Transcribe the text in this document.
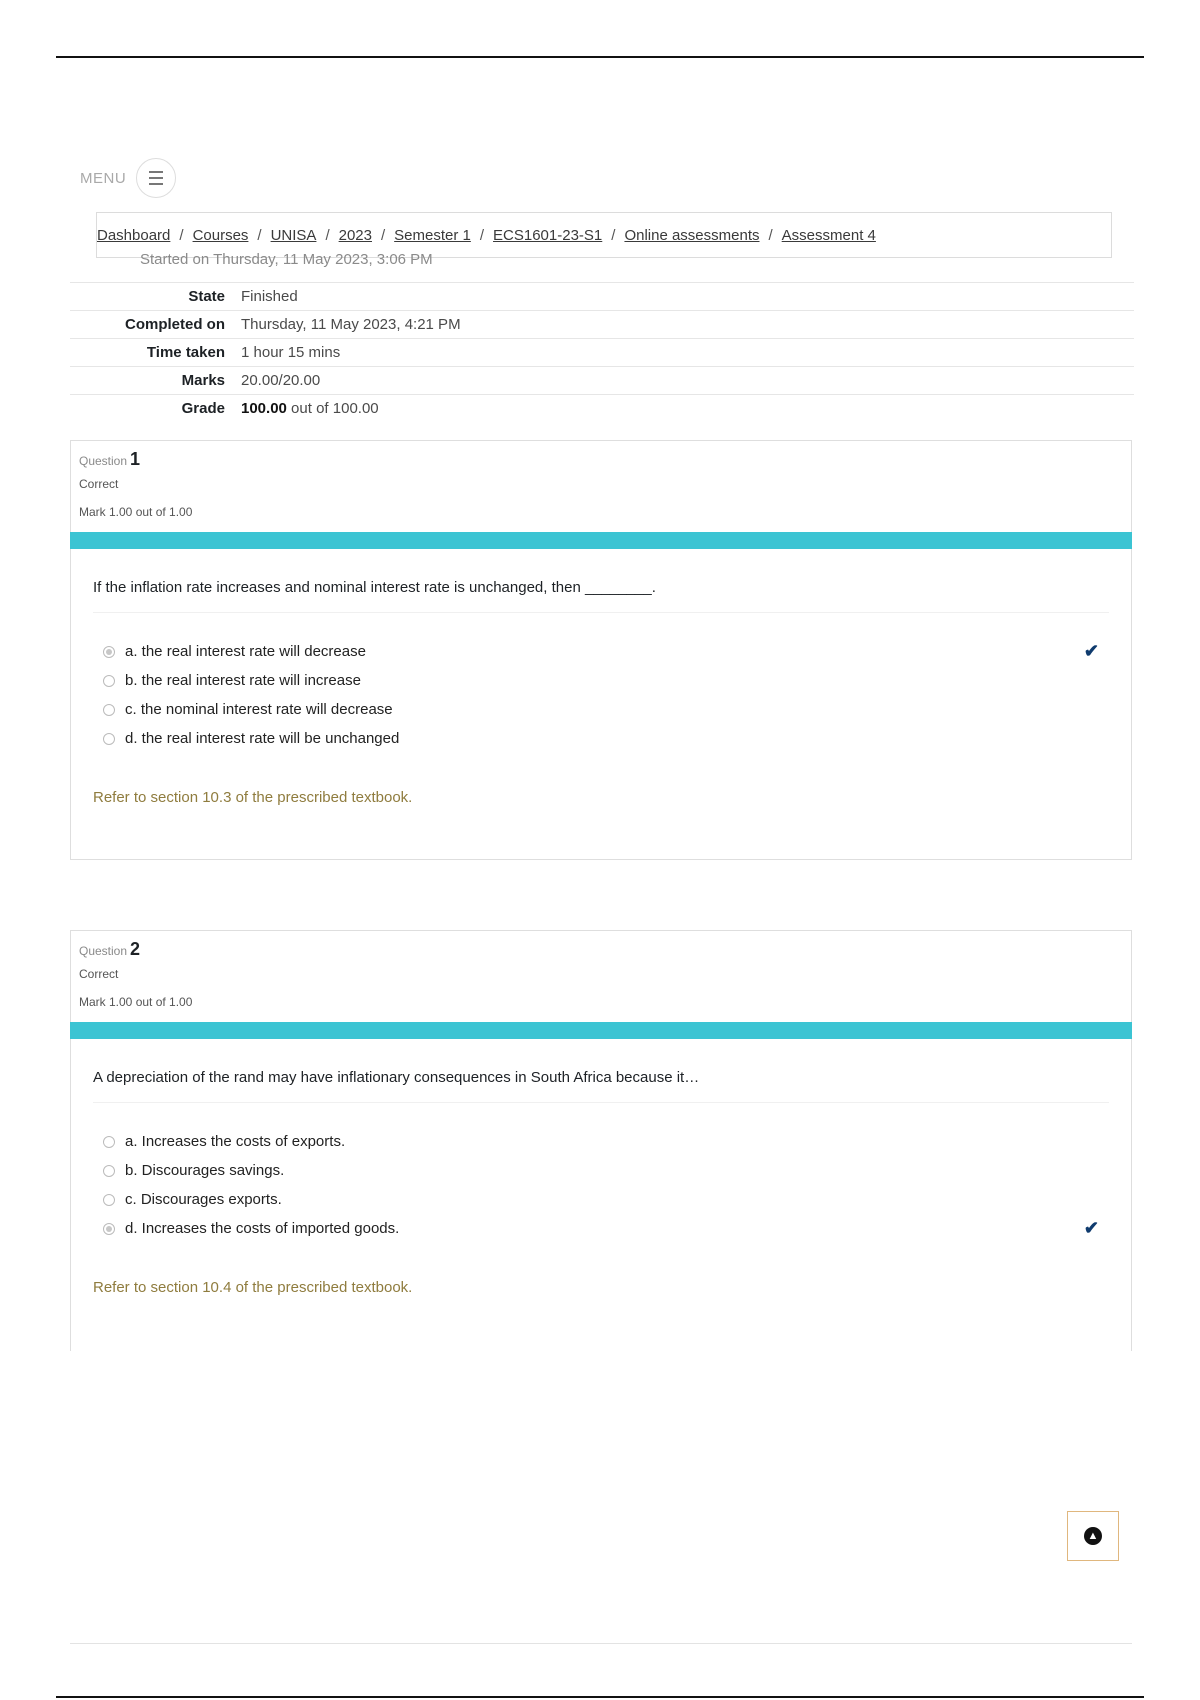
MENU
Dashboard / Courses / UNISA / 2023 / Semester 1 / ECS1601-23-S1 / Online assessments / Assessment 4
Started on Thursday, 11 May 2023, 3:06 PM
State Finished
Completed on Thursday, 11 May 2023, 4:21 PM
Time taken 1 hour 15 mins
Marks 20.00/20.00
Grade 100.00 out of 100.00
Question 1
Correct
Mark 1.00 out of 1.00
If the inflation rate increases and nominal interest rate is unchanged, then ________.
a. the real interest rate will decrease	✔
b. the real interest rate will increase
c. the nominal interest rate will decrease
d. the real interest rate will be unchanged
Refer to section 10.3 of the prescribed textbook.
Question 2
Correct
Mark 1.00 out of 1.00
A depreciation of the rand may have inflationary consequences in South Africa because it…
a. Increases the costs of exports.
b. Discourages savings.
c. Discourages exports.
d. Increases the costs of imported goods.	✔
Refer to section 10.4 of the prescribed textbook.
▲
